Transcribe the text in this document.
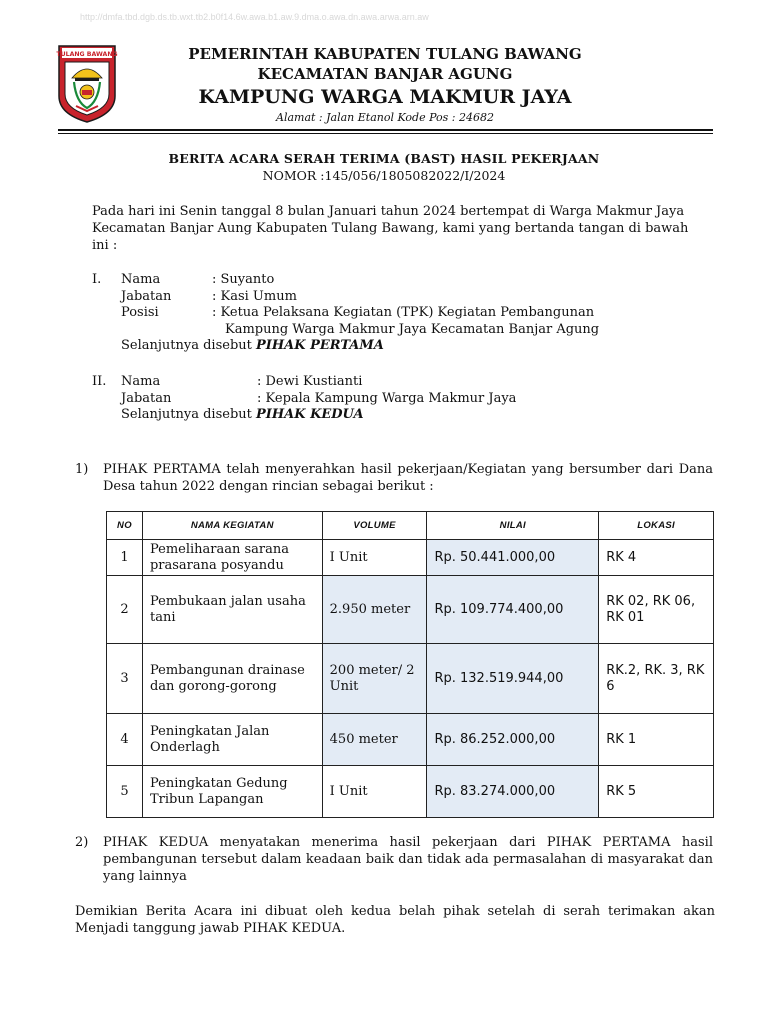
http://dmfa.tbd.dgb.ds.tb.wxt.tb2.b0f14.6w.awa.b1.aw.9.dma.o.awa.dn.awa.arwa.arn.aw
TULANG BAWANG	PEMERINTAH KABUPATEN TULANG BAWANG
KECAMATAN BANJAR AGUNG
KAMPUNG WARGA MAKMUR JAYA
Alamat : Jalan Etanol Kode Pos : 24682
BERITA ACARA SERAH TERIMA (BAST) HASIL PEKERJAAN
NOMOR :145/056/1805082022/I/2024
Pada hari ini Senin tanggal 8 bulan Januari tahun 2024 bertempat di Warga Makmur Jaya Kecamatan Banjar Aung Kabupaten Tulang Bawang, kami yang bertanda tangan di bawah ini :
I. Nama	: Suyanto
Jabatan	: Kasi Umum
Posisi	: Ketua Pelaksana Kegiatan (TPK) Kegiatan Pembangunan
Kampung Warga Makmur Jaya Kecamatan Banjar Agung
Selanjutnya disebut PIHAK PERTAMA
II. Nama	: Dewi Kustianti
Jabatan	: Kepala Kampung Warga Makmur Jaya
Selanjutnya disebut PIHAK KEDUA
1) PIHAK PERTAMA telah menyerahkan hasil pekerjaan/Kegiatan yang bersumber dari Dana Desa tahun 2022 dengan rincian sebagai berikut :
NO	NAMA KEGIATAN	VOLUME	NILAI	LOKASI
1	Pemeliharaan sarana prasarana posyandu	I Unit	Rp. 50.441.000,00	RK 4
2	Pembukaan jalan usaha tani	2.950 meter	Rp. 109.774.400,00	RK 02, RK 06, RK 01
3	Pembangunan drainase dan gorong-gorong	200 meter/ 2 Unit	Rp. 132.519.944,00	RK.2, RK. 3, RK 6
4	Peningkatan Jalan Onderlagh	450 meter	Rp. 86.252.000,00	RK 1
5	Peningkatan Gedung Tribun Lapangan	I Unit	Rp. 83.274.000,00	RK 5
2) PIHAK KEDUA menyatakan menerima hasil pekerjaan dari PIHAK PERTAMA hasil pembangunan tersebut dalam keadaan baik dan tidak ada permasalahan di masyarakat dan yang lainnya
Demikian Berita Acara ini dibuat oleh kedua belah pihak setelah di serah terimakan akan Menjadi tanggung jawab PIHAK KEDUA.
